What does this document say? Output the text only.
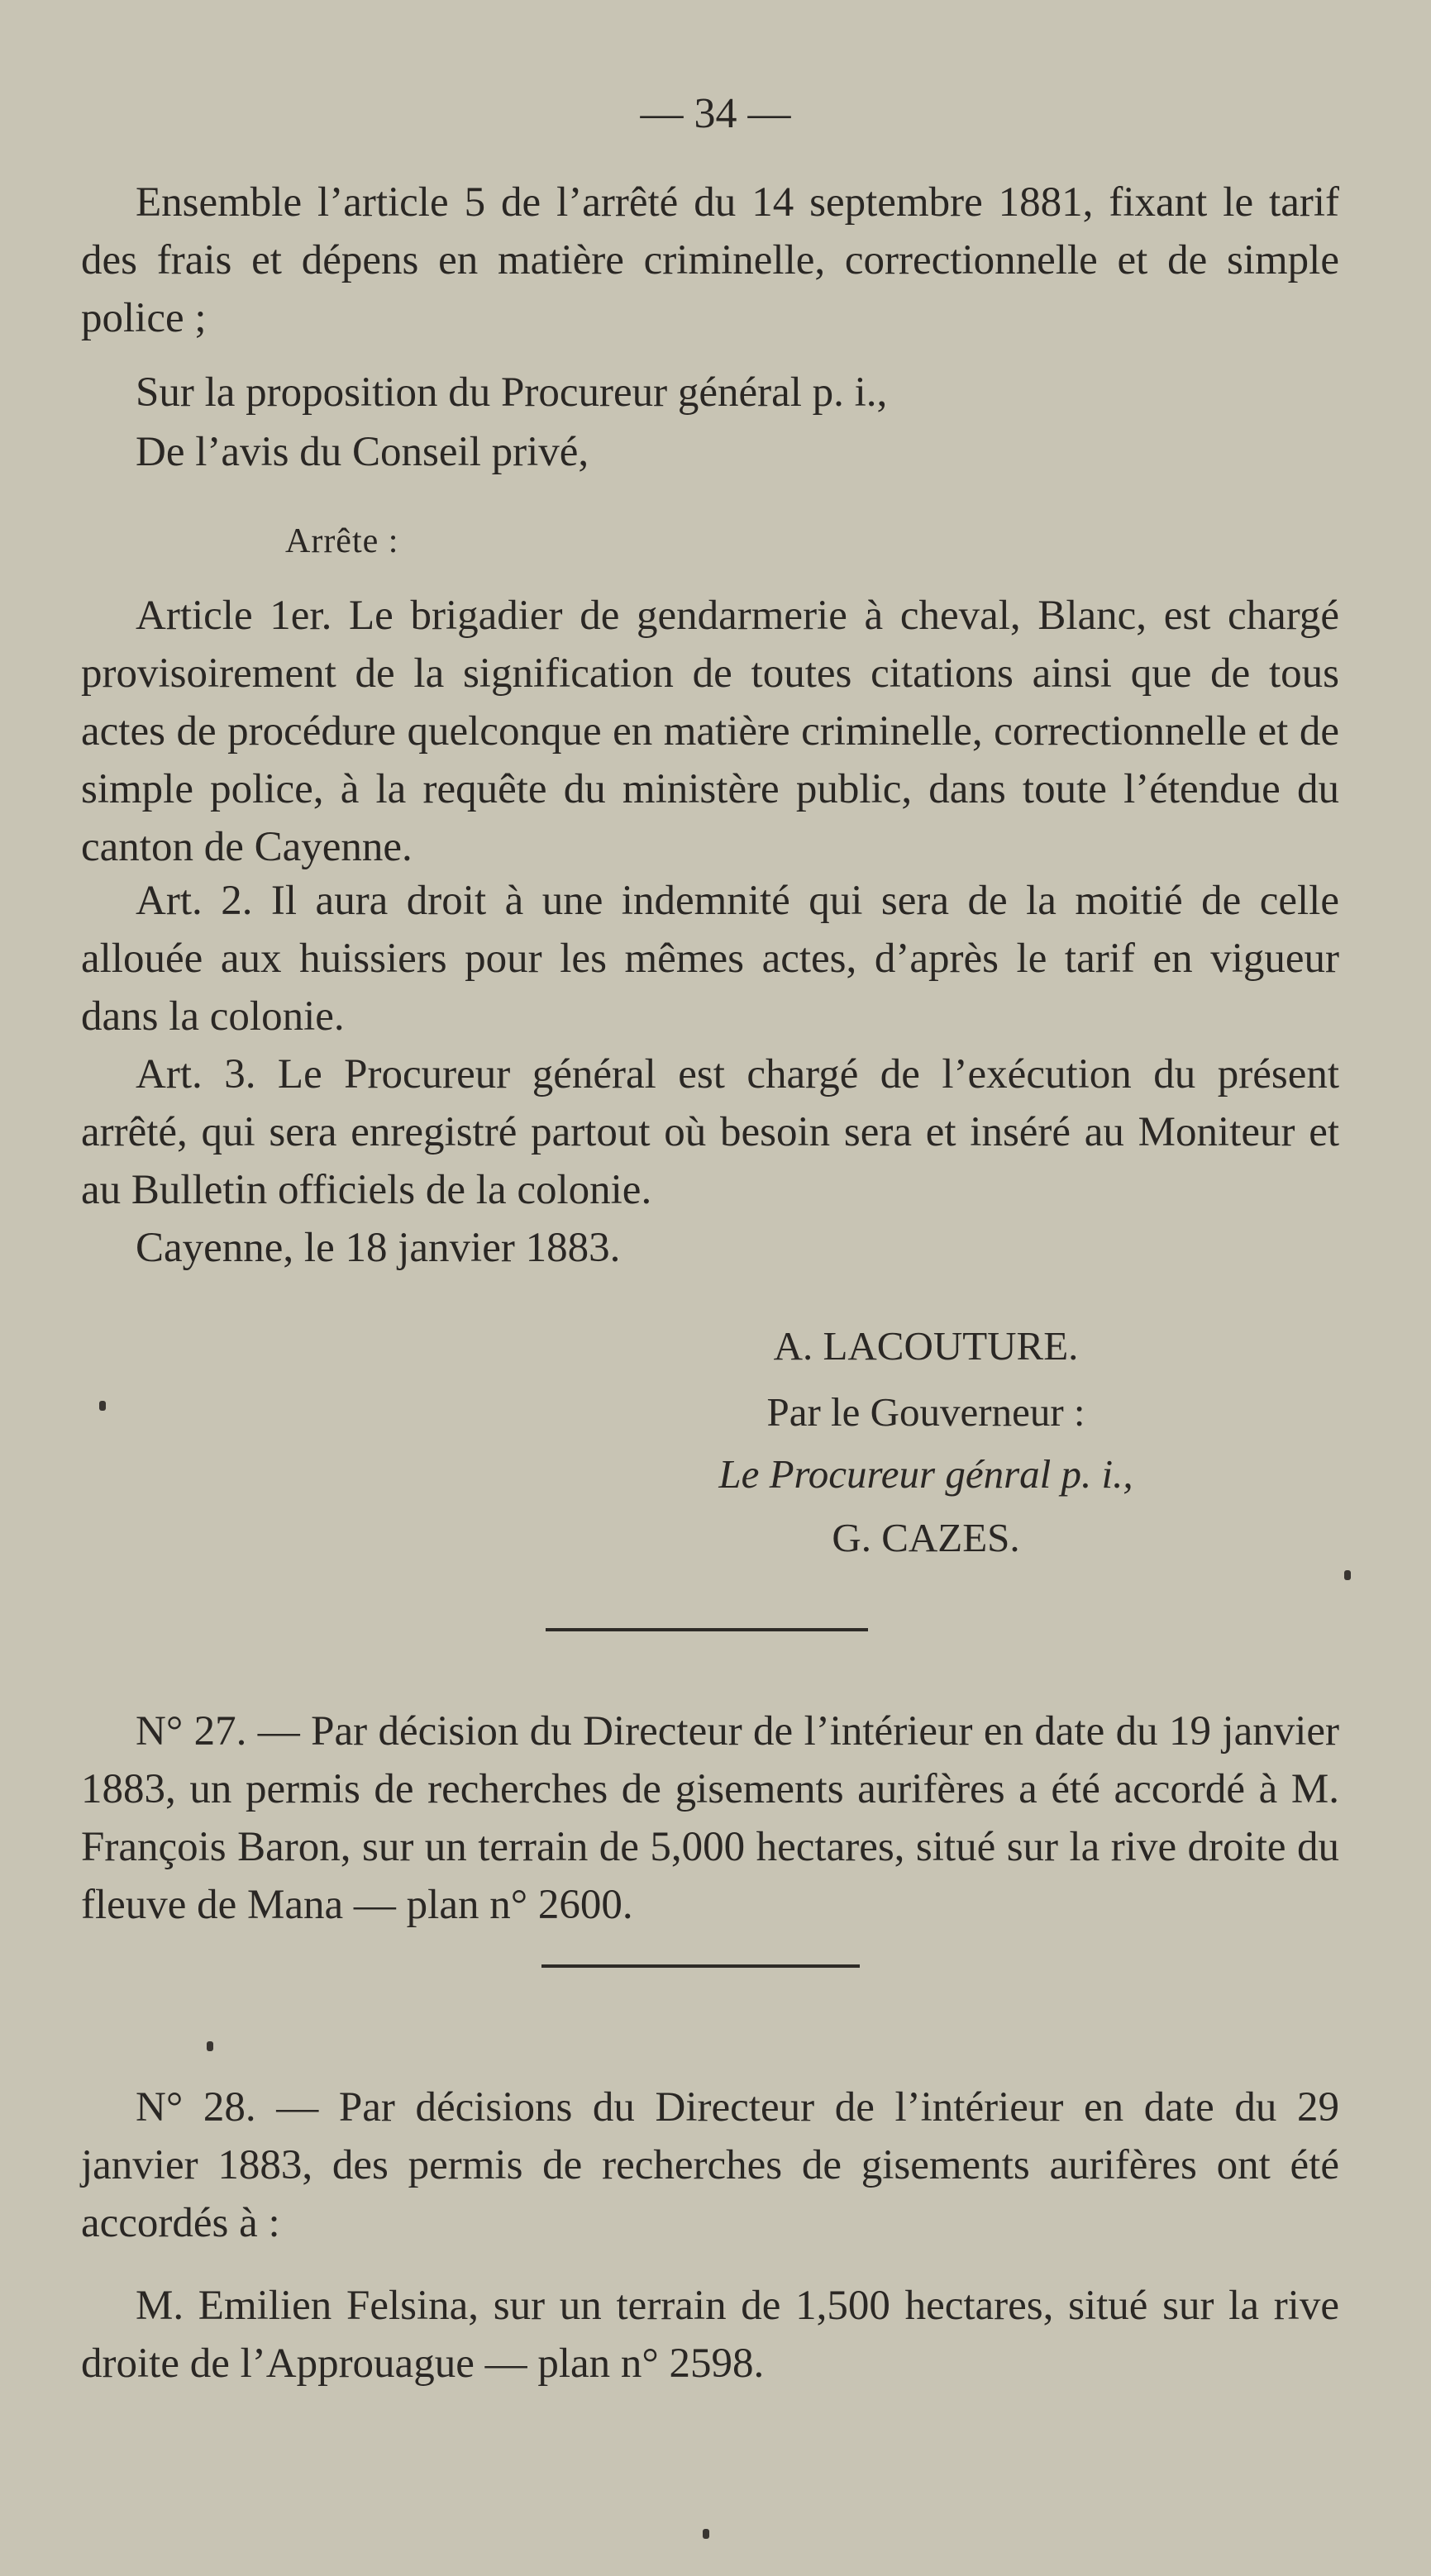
— 34 —

Ensemble l’article 5 de l’arrêté du 14 septembre 1881, fixant le tarif des frais et dépens en matière criminelle, correctionnelle et de simple police ;

Sur la proposition du Procureur général p. i.,

De l’avis du Conseil privé,

Arrête :

Article 1er. Le brigadier de gendarmerie à cheval, Blanc, est chargé provisoirement de la signification de toutes citations ainsi que de tous actes de procédure quelconque en matière criminelle, correctionnelle et de simple police, à la requête du ministère public, dans toute l’étendue du canton de Cayenne.

Art. 2. Il aura droit à une indemnité qui sera de la moitié de celle allouée aux huissiers pour les mêmes actes, d’après le tarif en vigueur dans la colonie.

Art. 3. Le Procureur général est chargé de l’exécution du présent arrêté, qui sera enregistré partout où besoin sera et inséré au Moniteur et au Bulletin officiels de la colonie.

Cayenne, le 18 janvier 1883.

A. LACOUTURE.
Par le Gouverneur :
Le Procureur génral p. i.,
G. CAZES.

N° 27. — Par décision du Directeur de l’intérieur en date du 19 janvier 1883, un permis de recherches de gisements aurifères a été accordé à M. François Baron, sur un terrain de 5,000 hectares, situé sur la rive droite du fleuve de Mana — plan n° 2600.

N° 28. — Par décisions du Directeur de l’intérieur en date du 29 janvier 1883, des permis de recherches de gisements aurifères ont été accordés à :

M. Emilien Felsina, sur un terrain de 1,500 hectares, situé sur la rive droite de l’Approuague — plan n° 2598.
